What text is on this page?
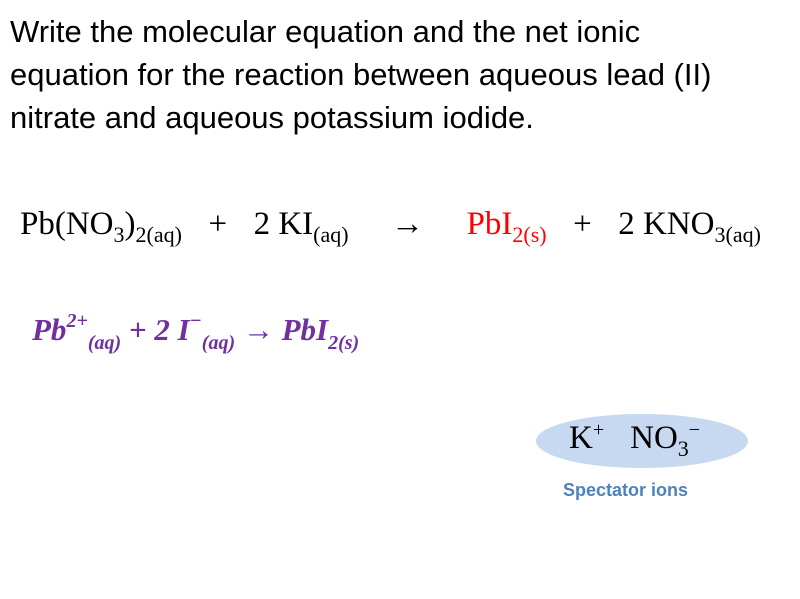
Write the molecular equation and the net ionic
equation for the reaction between aqueous lead (II)
nitrate and aqueous potassium iodide.

$Pb(NO_3)_{2(aq)} + 2$ $KI_{(aq)} \to PbI_{2(s)} + 2$ $KNO_{3(aq)}$
$Pb^{2+}_{(aq)} + 2$ $I^-_{(aq)} \to PbI_{2(s)}$
K+ $NO_3^-$
Spectator ions
